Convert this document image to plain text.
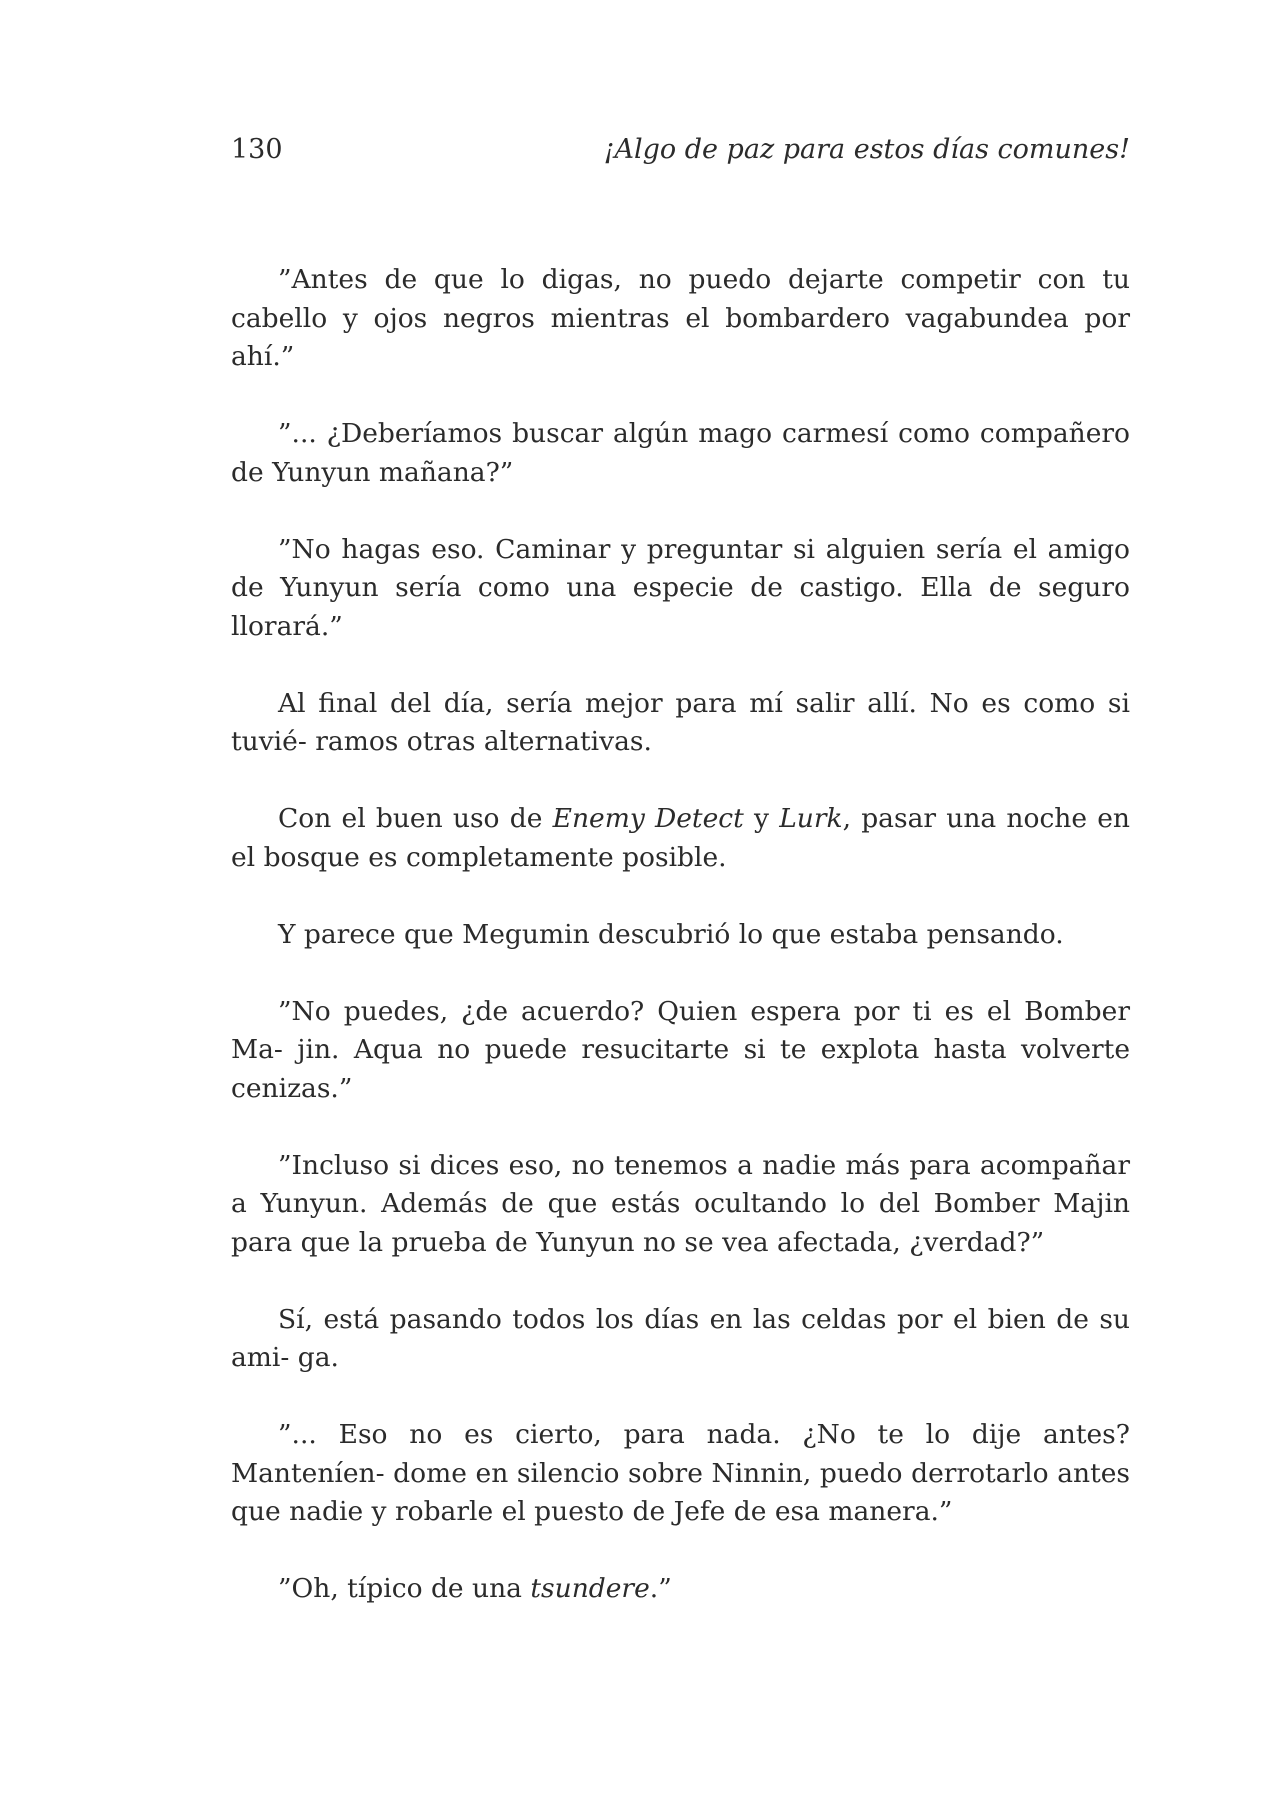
130	¡Algo de paz para estos días comunes!

”Antes de que lo digas, no puedo dejarte competir con tu cabello y ojos negros mientras el bombardero vagabundea por ahí.”

”... ¿Deberíamos buscar algún mago carmesí como compañero de Yunyun mañana?”

”No hagas eso. Caminar y preguntar si alguien sería el amigo de Yunyun sería como una especie de castigo. Ella de seguro llorará.”

Al final del día, sería mejor para mí salir allí. No es como si tuvié- ramos otras alternativas.

Con el buen uso de Enemy Detect y Lurk, pasar una noche en el bosque es completamente posible.

Y parece que Megumin descubrió lo que estaba pensando.

”No puedes, ¿de acuerdo? Quien espera por ti es el Bomber Ma- jin. Aqua no puede resucitarte si te explota hasta volverte cenizas.”

”Incluso si dices eso, no tenemos a nadie más para acompañar a Yunyun. Además de que estás ocultando lo del Bomber Majin para que la prueba de Yunyun no se vea afectada, ¿verdad?”

Sí, está pasando todos los días en las celdas por el bien de su ami- ga.

”... Eso no es cierto, para nada. ¿No te lo dije antes? Manteníen- dome en silencio sobre Ninnin, puedo derrotarlo antes que nadie y robarle el puesto de Jefe de esa manera.”

”Oh, típico de una tsundere.”
